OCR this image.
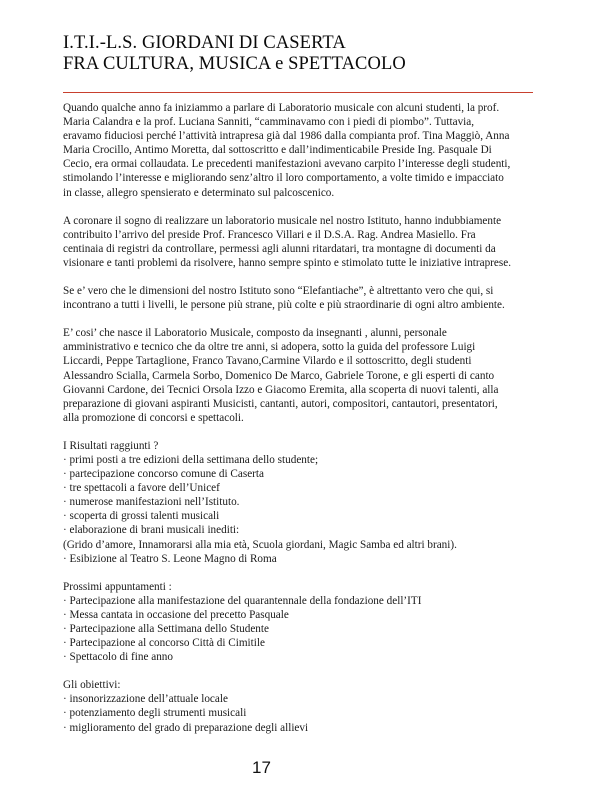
I.T.I.-L.S. GIORDANI DI CASERTA
FRA CULTURA, MUSICA e SPETTACOLO
Quando qualche anno fa iniziammo a parlare di Laboratorio musicale con alcuni studenti, la prof.
Maria Calandra e la prof. Luciana Sanniti, “camminavamo con i piedi di piombo”. Tuttavia,
eravamo fiduciosi perché l’attività intrapresa già dal 1986 dalla compianta prof. Tina Maggiò, Anna
Maria Crocillo, Antimo Moretta, dal sottoscritto e dall’indimenticabile Preside Ing. Pasquale Di
Cecio, era ormai collaudata. Le precedenti manifestazioni avevano carpito l’interesse degli studenti,
stimolando l’interesse e migliorando senz’altro il loro comportamento, a volte timido e impacciato
in classe, allegro spensierato e determinato sul palcoscenico.
A coronare il sogno di realizzare un laboratorio musicale nel nostro Istituto, hanno indubbiamente
contribuito l’arrivo del preside Prof. Francesco Villari e il D.S.A. Rag. Andrea Masiello. Fra
centinaia di registri da controllare, permessi agli alunni ritardatari, tra montagne di documenti da
visionare e tanti problemi da risolvere, hanno sempre spinto e stimolato tutte le iniziative intraprese.
Se e’ vero che le dimensioni del nostro Istituto sono “Elefantiache”, è altrettanto vero che qui, si
incontrano a tutti i livelli, le persone più strane, più colte e più straordinarie di ogni altro ambiente.
E’ cosi’ che nasce il Laboratorio Musicale, composto da insegnanti , alunni, personale
amministrativo e tecnico che da oltre tre anni, si adopera, sotto la guida del professore Luigi
Liccardi, Peppe Tartaglione, Franco Tavano,Carmine Vilardo e il sottoscritto, degli studenti
Alessandro Scialla, Carmela Sorbo, Domenico De Marco, Gabriele Torone, e gli esperti di canto
Giovanni Cardone, dei Tecnici Orsola Izzo e Giacomo Eremita, alla scoperta di nuovi talenti, alla
preparazione di giovani aspiranti Musicisti, cantanti, autori, compositori, cantautori, presentatori,
alla promozione di concorsi e spettacoli.
I Risultati raggiunti ?
· primi posti a tre edizioni della settimana dello studente;
· partecipazione concorso comune di Caserta
· tre spettacoli a favore dell’Unicef
· numerose manifestazioni nell’Istituto.
· scoperta di grossi talenti musicali
· elaborazione di brani musicali inediti:
(Grido d’amore, Innamorarsi alla mia età, Scuola giordani, Magic Samba ed altri brani).
· Esibizione al Teatro S. Leone Magno di Roma
Prossimi appuntamenti :
· Partecipazione alla manifestazione del quarantennale della fondazione dell’ITI
· Messa cantata in occasione del precetto Pasquale
· Partecipazione alla Settimana dello Studente
· Partecipazione al concorso Città di Cimitile
· Spettacolo di fine anno
Gli obiettivi:
· insonorizzazione dell’attuale locale
· potenziamento degli strumenti musicali
· miglioramento del grado di preparazione degli allievi
17
